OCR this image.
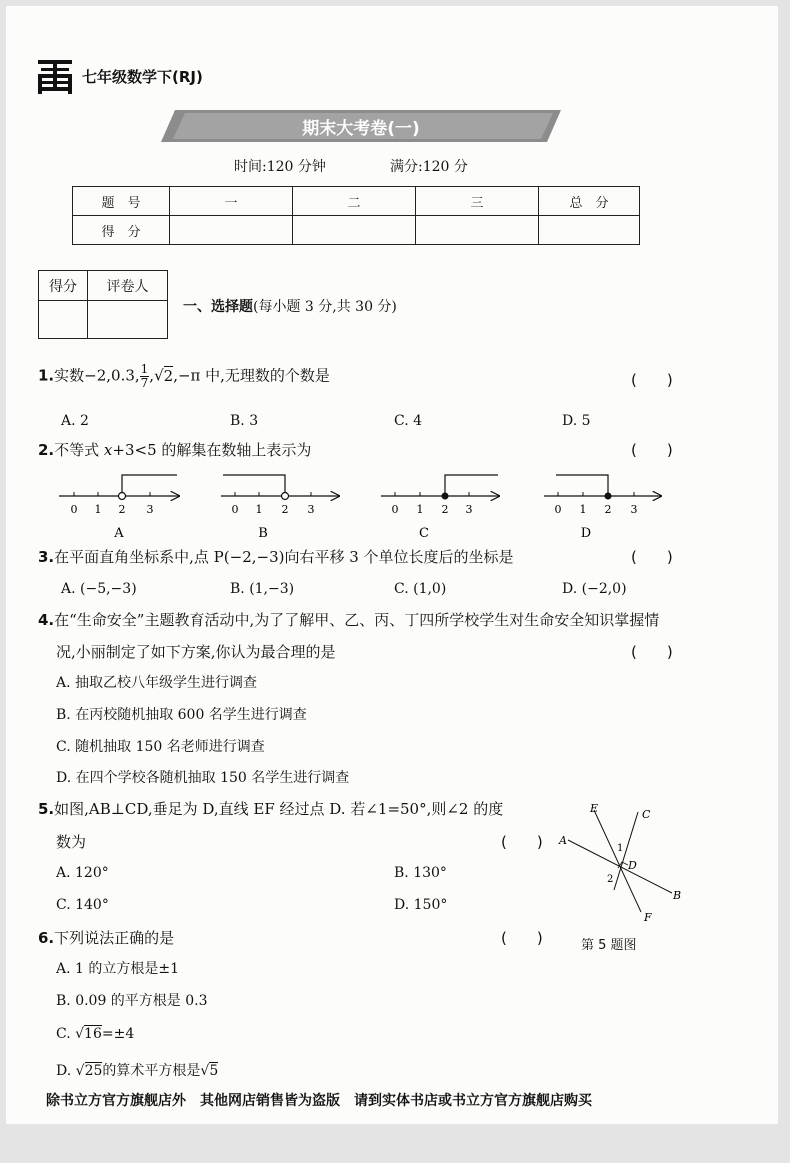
七年级数学下(RJ)
期末大考卷(一)
时间:120 分钟	满分:120 分
题　号	一	二	三	总　分
得　分				
得分	评卷人

一、选择题(每小题 3 分,共 30 分)
1.实数−2,0.3, $\frac{1}{7} ,√2,-\pi$ 中,无理数的个数是	(　　)
A. 2	B. 3	C. 4	D. 5
2.不等式 x+3<5 的解集在数轴上表示为	(　　)
0 1 2 3
A
0 1 2 3
B
0 1 2 3
C
0 1 2 3
D
3.在平面直角坐标系中,点 P(−2,−3)向右平移 3 个单位长度后的坐标是	(　　)
A. (−5,−3)	B. (1,−3)	C. (1,0)	D. (−2,0)
4.在“生命安全”主题教育活动中,为了了解甲、乙、丙、丁四所学校学生对生命安全知识掌握情
况,小丽制定了如下方案,你认为最合理的是	(　　)
A. 抽取乙校八年级学生进行调查
B. 在丙校随机抽取 600 名学生进行调查
C. 随机抽取 150 名老师进行调查
D. 在四个学校各随机抽取 150 名学生进行调查
5.如图,AB⊥CD,垂足为 D,直线 EF 经过点 D. 若∠1=50°,则∠2 的度
数为	(　　)
A. 120°	B. 130°
C. 140°	D. 150°
E	C
A
1
D
2
B
F
第 5 题图
6.下列说法正确的是	(　　)
A. 1 的立方根是±1
B. 0.09 的平方根是 0.3
C. √16=±4
D. √25的算术平方根是√5
除书立方官方旗舰店外　其他网店销售皆为盗版　请到实体书店或书立方官方旗舰店购买
